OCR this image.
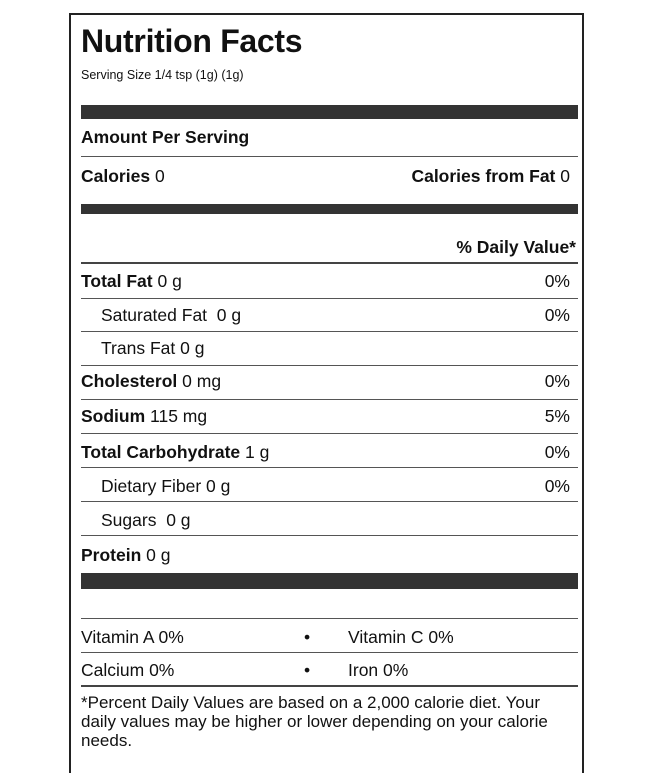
Nutrition Facts
Serving Size 1/4 tsp (1g) (1g)
Amount Per Serving
Calories 0	Calories from Fat 0
% Daily Value*
Total Fat 0 g	0%
Saturated Fat 0 g	0%
Trans Fat 0 g
Cholesterol 0 mg	0%
Sodium 115 mg	5%
Total Carbohydrate 1 g	0%
Dietary Fiber 0 g	0%
Sugars 0 g
Protein 0 g
Vitamin A 0%	• Vitamin C 0%
Calcium 0%	• Iron 0%
*Percent Daily Values are based on a 2,000 calorie diet. Your daily values may be higher or lower depending on your calorie needs.
